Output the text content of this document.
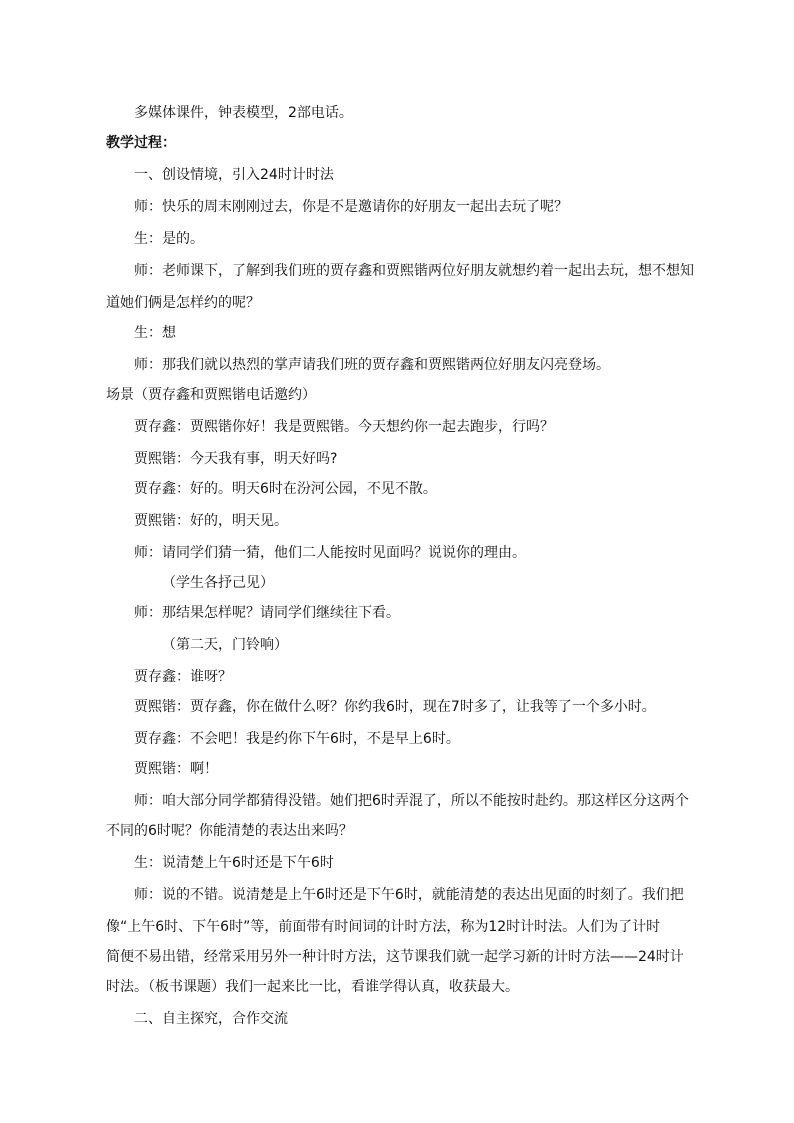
多媒体课件，钟表模型，2部电话。
教学过程：
一、创设情境，引入24时计时法
师：快乐的周末刚刚过去，你是不是邀请你的好朋友一起出去玩了呢？
生：是的。
师：老师课下，了解到我们班的贾存鑫和贾熙锴两位好朋友就想约着一起出去玩，想不想知
道她们俩是怎样约的呢？
生：想
师：那我们就以热烈的掌声请我们班的贾存鑫和贾熙锴两位好朋友闪亮登场。
场景（贾存鑫和贾熙锴电话邀约）
贾存鑫：贾熙锴你好！我是贾熙锴。今天想约你一起去跑步，行吗？
贾熙锴：今天我有事，明天好吗?
贾存鑫：好的。明天6时在汾河公园，不见不散。
贾熙锴：好的，明天见。
师：请同学们猜一猜，他们二人能按时见面吗？说说你的理由。
（学生各抒己见）
师：那结果怎样呢？请同学们继续往下看。
（第二天，门铃响）
贾存鑫：谁呀？
贾熙锴：贾存鑫，你在做什么呀？你约我6时，现在7时多了，让我等了一个多小时。
贾存鑫：不会吧！我是约你下午6时，不是早上6时。
贾熙锴：啊！
师：咱大部分同学都猜得没错。她们把6时弄混了，所以不能按时赴约。那这样区分这两个
不同的6时呢？你能清楚的表达出来吗？
生：说清楚上午6时还是下午6时
师：说的不错。说清楚是上午6时还是下午6时，就能清楚的表达出见面的时刻了。我们把
像“上午6时、下午6时”等，前面带有时间词的计时方法，称为12时计时法。人们为了计时
简便不易出错，经常采用另外一种计时方法，这节课我们就一起学习新的计时方法——24时计
时法。（板书课题）我们一起来比一比，看谁学得认真，收获最大。
二、自主探究，合作交流
